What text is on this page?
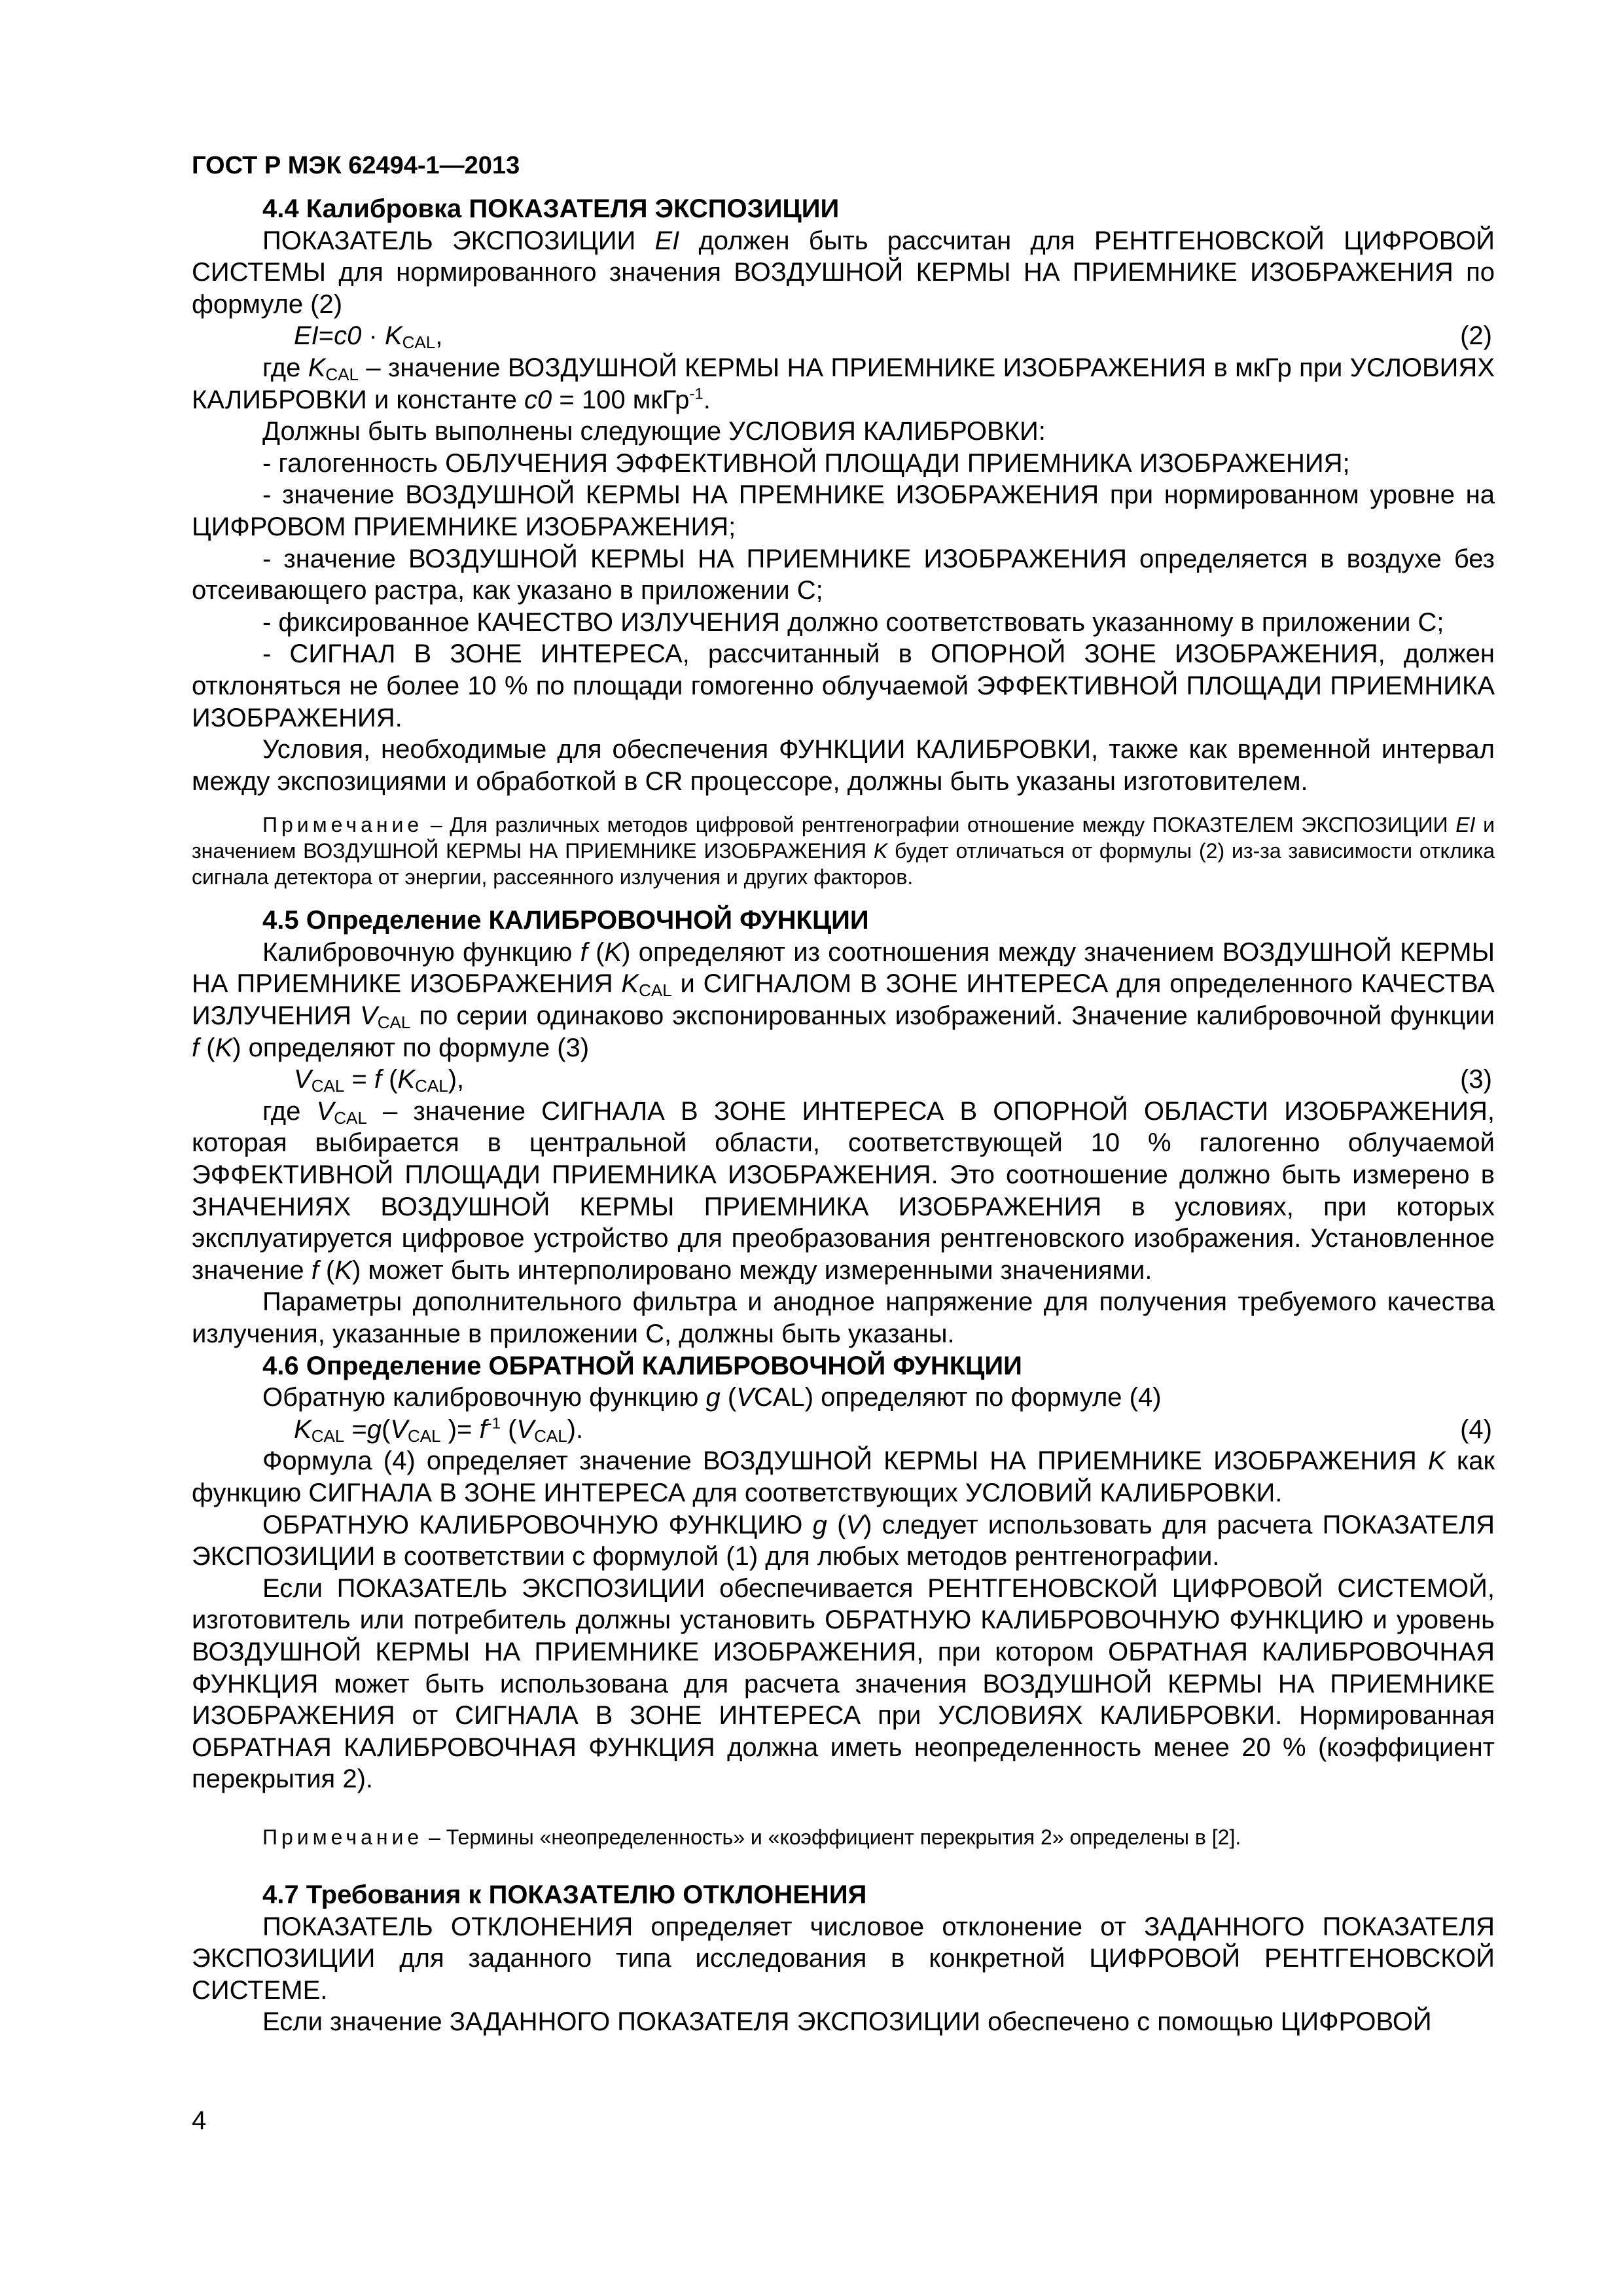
ГОСТ Р МЭК 62494-1—2013
4.4 Калибровка ПОКАЗАТЕЛЯ ЭКСПОЗИЦИИ

ПОКАЗАТЕЛЬ ЭКСПОЗИЦИИ EI должен быть рассчитан для РЕНТГЕНОВСКОЙ ЦИФРОВОЙ СИСТЕМЫ для нормированного значения ВОЗДУШНОЙ КЕРМЫ НА ПРИЕМНИКЕ ИЗОБРАЖЕНИЯ по формуле (2)

$EI=c0 \cdot K_{CAL}$,	(2)

где $K_{CAL}$ – значение ВОЗДУШНОЙ КЕРМЫ НА ПРИЕМНИКЕ ИЗОБРАЖЕНИЯ в мкГр при УСЛОВИЯХ КАЛИБРОВКИ и константе c0 = 100 мкГр$^{-1}$.

Должны быть выполнены следующие УСЛОВИЯ КАЛИБРОВКИ:

- галогенность ОБЛУЧЕНИЯ ЭФФЕКТИВНОЙ ПЛОЩАДИ ПРИЕМНИКА ИЗОБРАЖЕНИЯ;

- значение ВОЗДУШНОЙ КЕРМЫ НА ПРЕМНИКЕ ИЗОБРАЖЕНИЯ при нормированном уровне на ЦИФРОВОМ ПРИЕМНИКЕ ИЗОБРАЖЕНИЯ;

- значение ВОЗДУШНОЙ КЕРМЫ НА ПРИЕМНИКЕ ИЗОБРАЖЕНИЯ определяется в воздухе без отсеивающего растра, как указано в приложении С;

- фиксированное КАЧЕСТВО ИЗЛУЧЕНИЯ должно соответствовать указанному в приложении С;

- СИГНАЛ В ЗОНЕ ИНТЕРЕСА, рассчитанный в ОПОРНОЙ ЗОНЕ ИЗОБРАЖЕНИЯ, должен отклоняться не более 10 % по площади гомогенно облучаемой ЭФФЕКТИВНОЙ ПЛОЩАДИ ПРИЕМНИКА ИЗОБРАЖЕНИЯ.

Условия, необходимые для обеспечения ФУНКЦИИ КАЛИБРОВКИ, также как временной интервал между экспозициями и обработкой в CR процессоре, должны быть указаны изготовителем.

Примечание – Для различных методов цифровой рентгенографии отношение между ПОКАЗТЕЛЕМ ЭКСПОЗИЦИИ EI и значением ВОЗДУШНОЙ КЕРМЫ НА ПРИЕМНИКЕ ИЗОБРАЖЕНИЯ K будет отличаться от формулы (2) из-за зависимости отклика сигнала детектора от энергии, рассеянного излучения и других факторов.

4.5 Определение КАЛИБРОВОЧНОЙ ФУНКЦИИ

Калибровочную функцию f (K) определяют из соотношения между значением ВОЗДУШНОЙ КЕРМЫ НА ПРИЕМНИКЕ ИЗОБРАЖЕНИЯ $K_{CAL}$ и СИГНАЛОМ В ЗОНЕ ИНТЕРЕСА для определенного КАЧЕСТВА ИЗЛУЧЕНИЯ $V_{CAL}$ по серии одинаково экспонированных изображений. Значение калибровочной функции f (K) определяют по формуле (3)

$V_{CAL} = f$ $(K_{CAL})$,	(3)

где $V_{CAL}$ – значение СИГНАЛА В ЗОНЕ ИНТЕРЕСА В ОПОРНОЙ ОБЛАСТИ ИЗОБРАЖЕНИЯ, которая выбирается в центральной области, соответствующей 10 % галогенно облучаемой ЭФФЕКТИВНОЙ ПЛОЩАДИ ПРИЕМНИКА ИЗОБРАЖЕНИЯ. Это соотношение должно быть измерено в ЗНАЧЕНИЯХ ВОЗДУШНОЙ КЕРМЫ ПРИЕМНИКА ИЗОБРАЖЕНИЯ в условиях, при которых эксплуатируется цифровое устройство для преобразования рентгеновского изображения. Установленное значение f (K) может быть интерполировано между измеренными значениями.

Параметры дополнительного фильтра и анодное напряжение для получения требуемого качества излучения, указанные в приложении С, должны быть указаны.

4.6 Определение ОБРАТНОЙ КАЛИБРОВОЧНОЙ ФУНКЦИИ

Обратную калибровочную функцию g (VCAL) определяют по формуле (4)

$K_{CAL} =g(V_{CAL}$ )= $f^{-1}$ $(V_{CAL})$.	(4)

Формула (4) определяет значение ВОЗДУШНОЙ КЕРМЫ НА ПРИЕМНИКЕ ИЗОБРАЖЕНИЯ K как функцию СИГНАЛА В ЗОНЕ ИНТЕРЕСА для соответствующих УСЛОВИЙ КАЛИБРОВКИ.

ОБРАТНУЮ КАЛИБРОВОЧНУЮ ФУНКЦИЮ g (V) следует использовать для расчета ПОКАЗАТЕЛЯ ЭКСПОЗИЦИИ в соответствии с формулой (1) для любых методов рентгенографии.

Если ПОКАЗАТЕЛЬ ЭКСПОЗИЦИИ обеспечивается РЕНТГЕНОВСКОЙ ЦИФРОВОЙ СИСТЕМОЙ, изготовитель или потребитель должны установить ОБРАТНУЮ КАЛИБРОВОЧНУЮ ФУНКЦИЮ и уровень ВОЗДУШНОЙ КЕРМЫ НА ПРИЕМНИКЕ ИЗОБРАЖЕНИЯ, при котором ОБРАТНАЯ КАЛИБРОВОЧНАЯ ФУНКЦИЯ может быть использована для расчета значения ВОЗДУШНОЙ КЕРМЫ НА ПРИЕМНИКЕ ИЗОБРАЖЕНИЯ от СИГНАЛА В ЗОНЕ ИНТЕРЕСА при УСЛОВИЯХ КАЛИБРОВКИ. Нормированная ОБРАТНАЯ КАЛИБРОВОЧНАЯ ФУНКЦИЯ должна иметь неопределенность менее 20 % (коэффициент перекрытия 2).

Примечание – Термины «неопределенность» и «коэффициент перекрытия 2» определены в [2].

4.7 Требования к ПОКАЗАТЕЛЮ ОТКЛОНЕНИЯ

ПОКАЗАТЕЛЬ ОТКЛОНЕНИЯ определяет числовое отклонение от ЗАДАННОГО ПОКАЗАТЕЛЯ ЭКСПОЗИЦИИ для заданного типа исследования в конкретной ЦИФРОВОЙ РЕНТГЕНОВСКОЙ СИСТЕМЕ.

Если значение ЗАДАННОГО ПОКАЗАТЕЛЯ ЭКСПОЗИЦИИ обеспечено с помощью ЦИФРОВОЙ

4
